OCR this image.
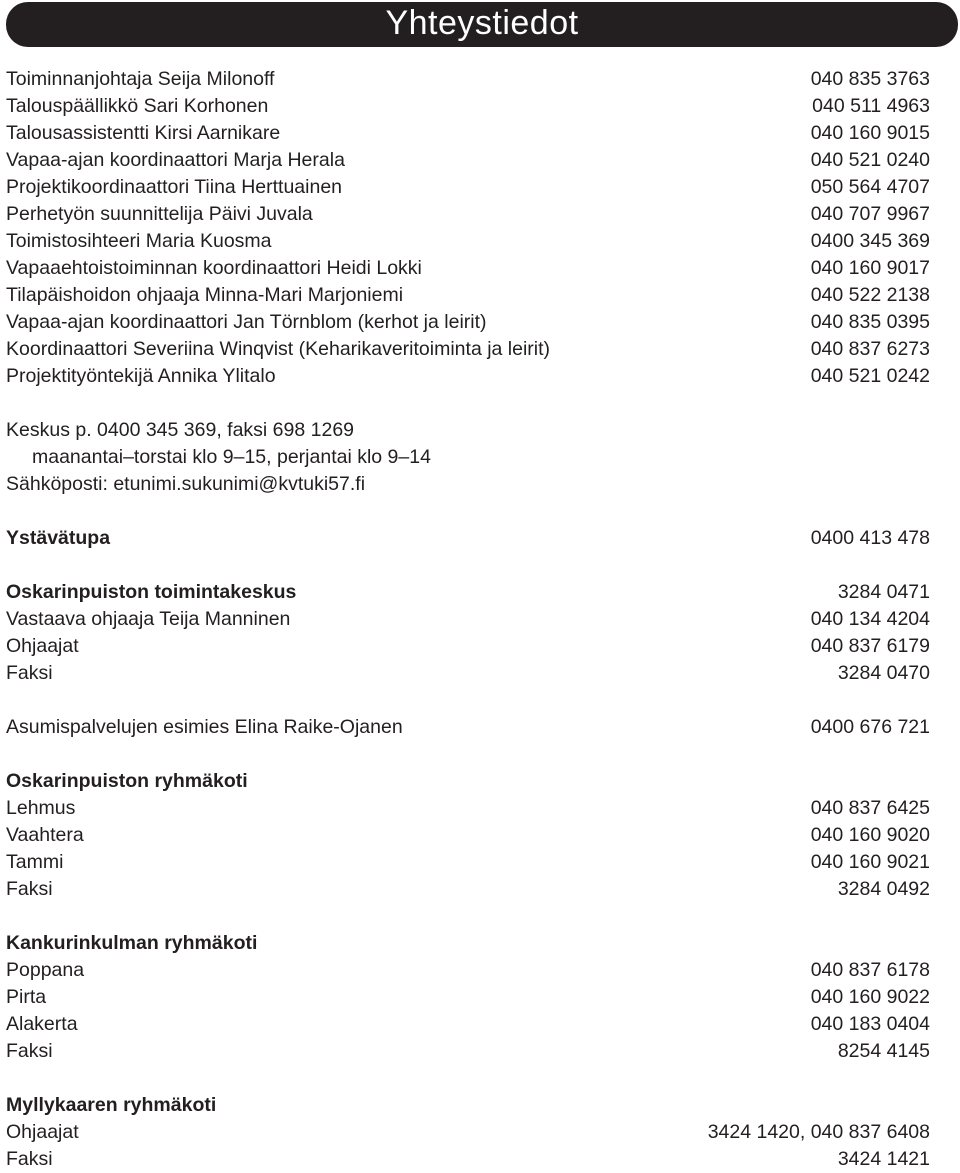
Yhteystiedot
Toiminnanjohtaja Seija Milonoff	040 835 3763
Talouspäällikkö Sari Korhonen	040 511 4963
Talousassistentti Kirsi Aarnikare	040 160 9015
Vapaa-ajan koordinaattori Marja Herala	040 521 0240
Projektikoordinaattori Tiina Herttuainen	050 564 4707
Perhetyön suunnittelija Päivi Juvala	040 707 9967
Toimistosihteeri Maria Kuosma	0400 345 369
Vapaaehtoistoiminnan koordinaattori Heidi Lokki	040 160 9017
Tilapäishoidon ohjaaja Minna-Mari Marjoniemi	040 522 2138
Vapaa-ajan koordinaattori Jan Törnblom (kerhot ja leirit)	040 835 0395
Koordinaattori Severiina Winqvist (Keharikaveritoiminta ja leirit)	040 837 6273
Projektityöntekijä Annika Ylitalo	040 521 0242
Keskus p. 0400 345 369, faksi 698 1269
maanantai–torstai klo 9–15, perjantai klo 9–14
Sähköposti: etunimi.sukunimi@kvtuki57.fi
Ystävätupa	0400 413 478
Oskarinpuiston toimintakeskus	3284 0471
Vastaava ohjaaja Teija Manninen	040 134 4204
Ohjaajat	040 837 6179
Faksi	3284 0470
Asumispalvelujen esimies Elina Raike-Ojanen	0400 676 721
Oskarinpuiston ryhmäkoti
Lehmus	040 837 6425
Vaahtera	040 160 9020
Tammi	040 160 9021
Faksi	3284 0492
Kankurinkulman ryhmäkoti
Poppana	040 837 6178
Pirta	040 160 9022
Alakerta	040 183 0404
Faksi	8254 4145
Myllykaaren ryhmäkoti
Ohjaajat	3424 1420, 040 837 6408
Faksi	3424 1421
